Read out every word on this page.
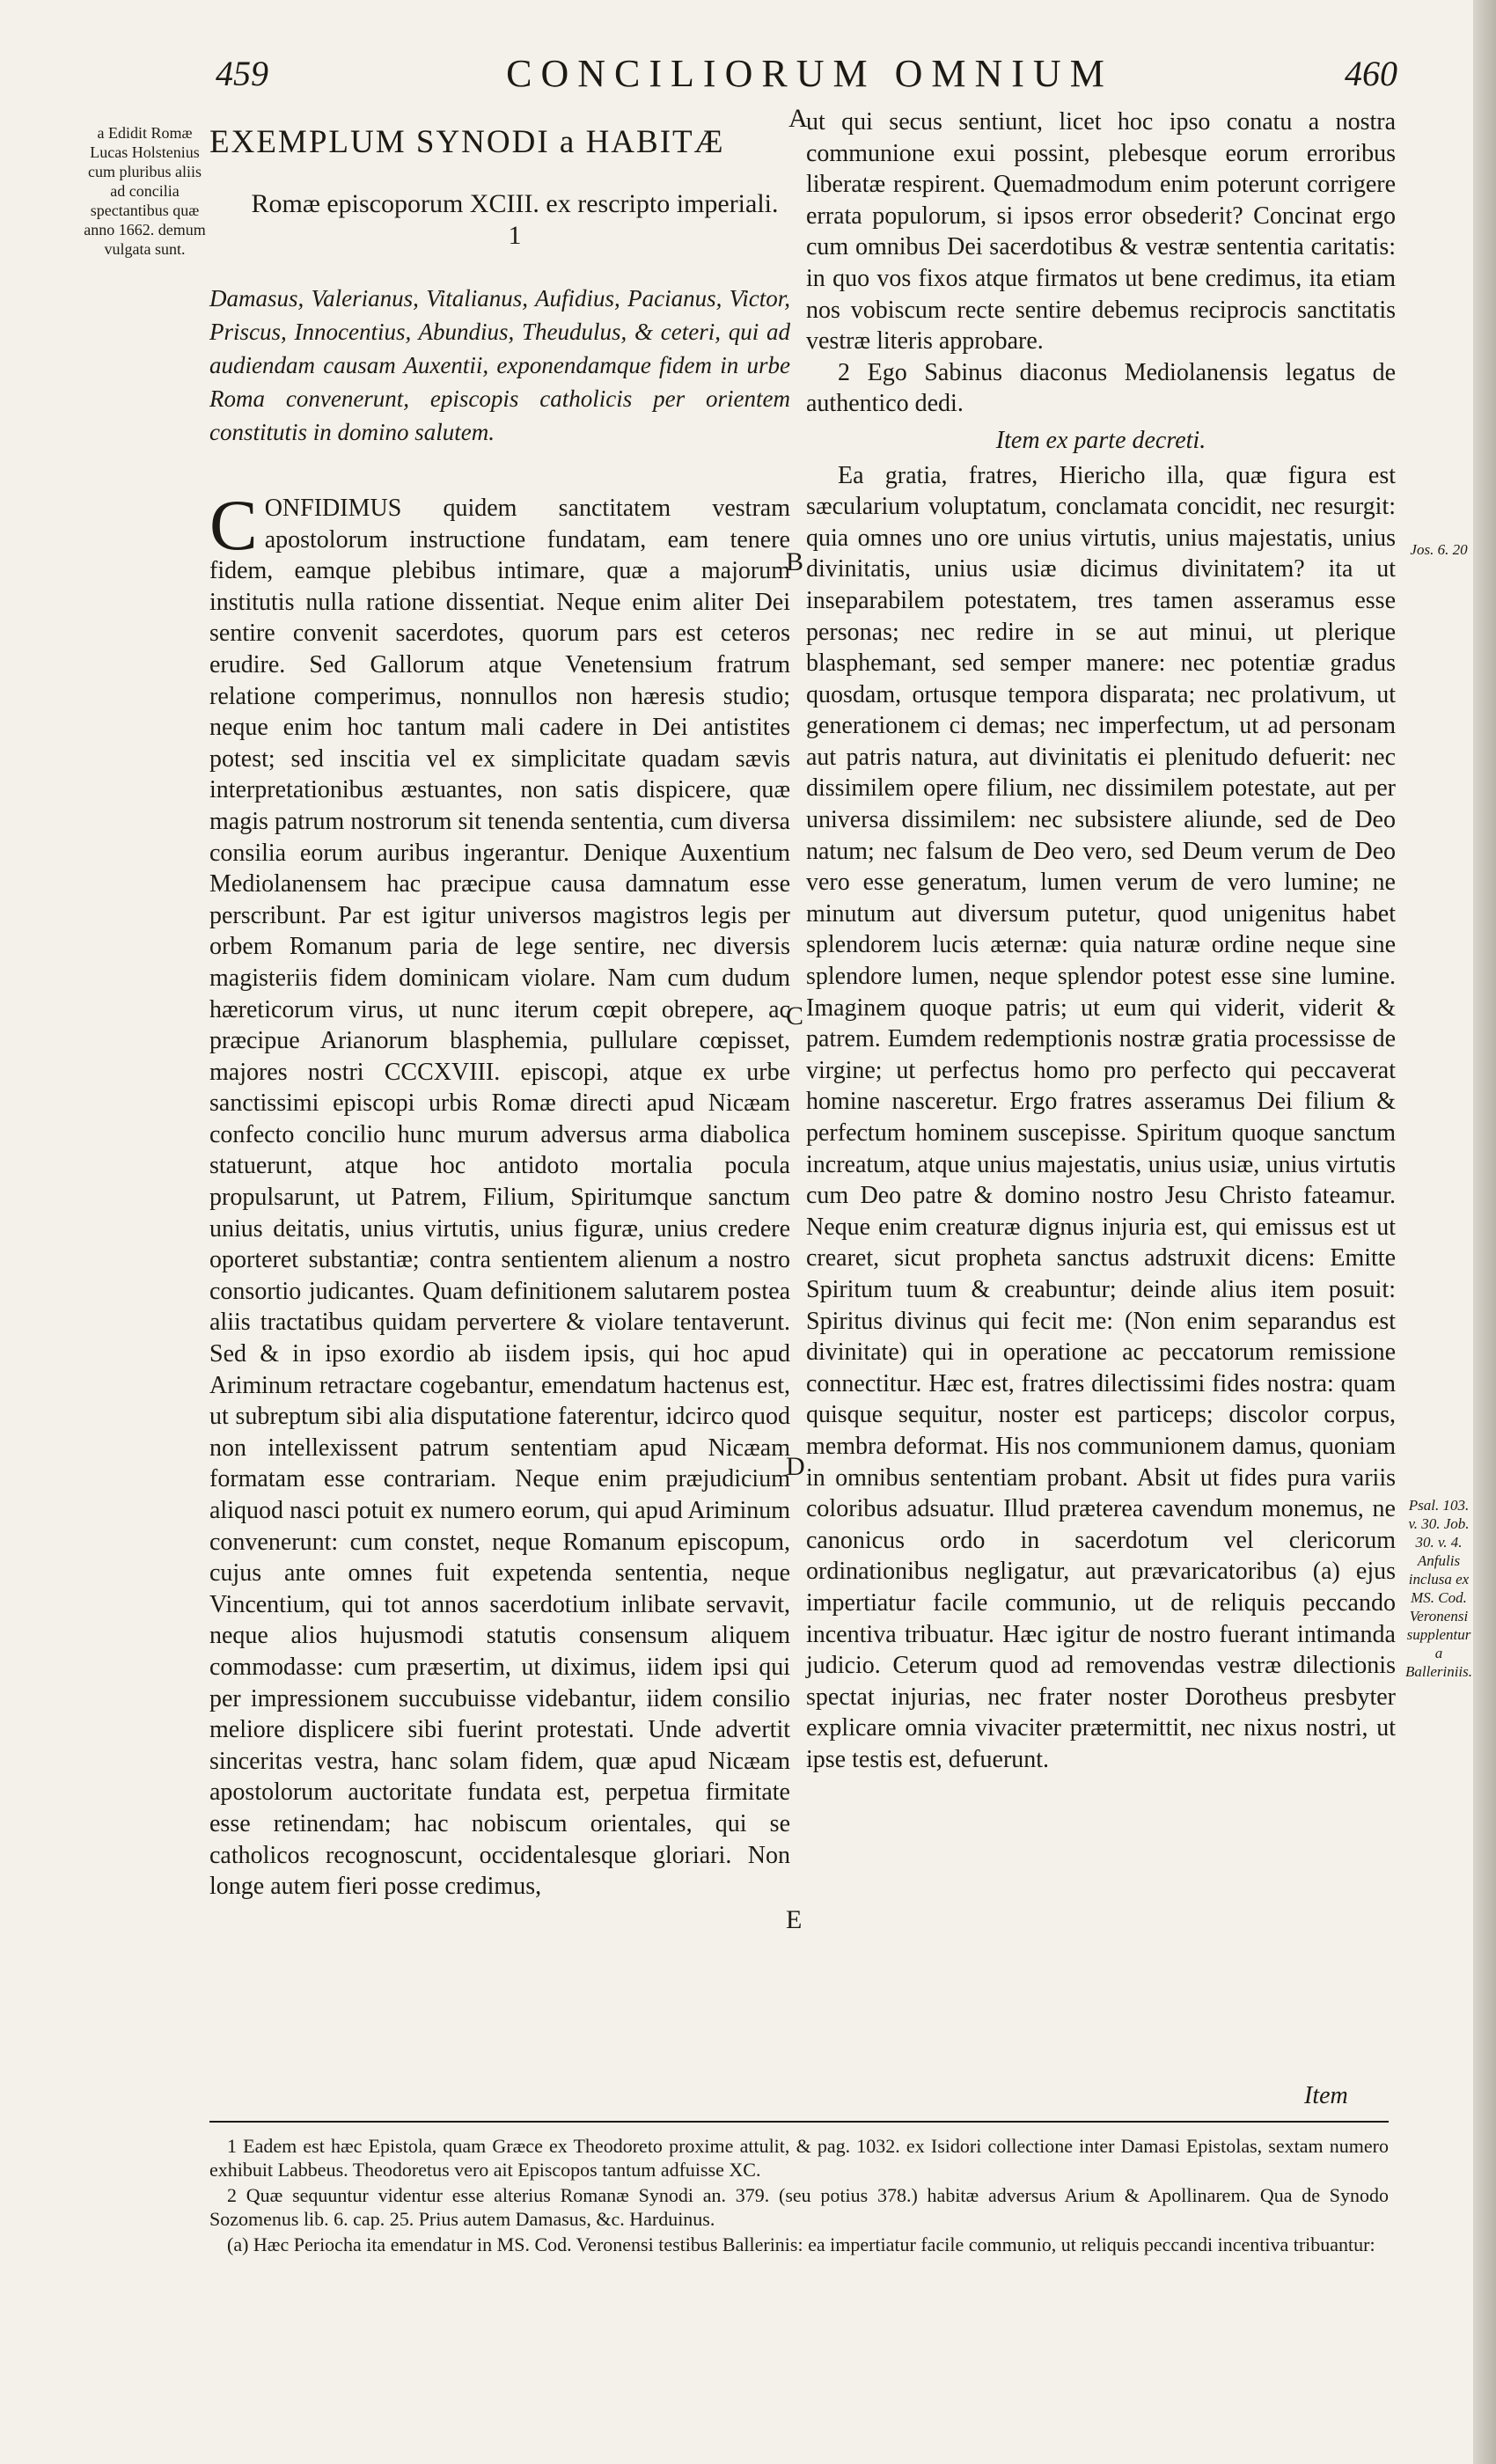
459	CONCILIORUM OMNIUM	460
a Edidit Romæ Lucas Holstenius cum pluribus aliis ad concilia spectantibus quæ anno 1662. demum vulgata sunt.
EXEMPLUM SYNODI a HABITÆ
Romæ episcoporum XCIII. ex rescripto imperiali. 1
Damasus, Valerianus, Vitalianus, Aufidius, Pacianus, Victor, Priscus, Innocentius, Abundius, Theudulus, & ceteri, qui ad audiendam causam Auxentii, exponendamque fidem in urbe Roma convenerunt, episcopis catholicis per orientem constitutis in domino salutem.

CONFIDIMUS quidem sanctitatem vestram apostolorum instructione fundatam, eam tenere fidem, eamque plebibus intimare, quæ a majorum institutis nulla ratione dissentiat. Neque enim aliter Dei sentire convenit sacerdotes, quorum pars est ceteros erudire. Sed Gallorum atque Venetensium fratrum relatione comperimus, nonnullos non hæresis studio; neque enim hoc tantum mali cadere in Dei antistites potest; sed inscitia vel ex simplicitate quadam sævis interpretationibus æstuantes, non satis dispicere, quæ magis patrum nostrorum sit tenenda sententia, cum diversa consilia eorum auribus ingerantur. Denique Auxentium Mediolanensem hac præcipue causa damnatum esse perscribunt. Par est igitur universos magistros legis per orbem Romanum paria de lege sentire, nec diversis magisteriis fidem dominicam violare. Nam cum dudum hæreticorum virus, ut nunc iterum cœpit obrepere, ac præcipue Arianorum blasphemia, pullulare cœpisset, majores nostri CCCXVIII. episcopi, atque ex urbe sanctissimi episcopi urbis Romæ directi apud Nicæam confecto concilio hunc murum adversus arma diabolica statuerunt, atque hoc antidoto mortalia pocula propulsarunt, ut Patrem, Filium, Spiritumque sanctum unius deitatis, unius virtutis, unius figuræ, unius credere oporteret substantiæ; contra sentientem alienum a nostro consortio judicantes. Quam definitionem salutarem postea aliis tractatibus quidam pervertere & violare tentaverunt. Sed & in ipso exordio ab iisdem ipsis, qui hoc apud Ariminum retractare cogebantur, emendatum hactenus est, ut subreptum sibi alia disputatione faterentur, idcirco quod non intellexissent patrum sententiam apud Nicæam formatam esse contrariam. Neque enim præjudicium aliquod nasci potuit ex numero eorum, qui apud Ariminum convenerunt: cum constet, neque Romanum episcopum, cujus ante omnes fuit expetenda sententia, neque Vincentium, qui tot annos sacerdotium inlibate servavit, neque alios hujusmodi statutis consensum aliquem commodasse: cum præsertim, ut diximus, iidem ipsi qui per impressionem succubuisse videbantur, iidem consilio meliore displicere sibi fuerint protestati. Unde advertit sinceritas vestra, hanc solam fidem, quæ apud Nicæam apostolorum auctoritate fundata est, perpetua firmitate esse retinendam; hac nobiscum orientales, qui se catholicos recognoscunt, occidentalesque gloriari. Non longe autem fieri posse credimus,

A
B
C
D
E

ut qui secus sentiunt, licet hoc ipso conatu a nostra communione exui possint, plebesque eorum erroribus liberatæ respirent. Quemadmodum enim poterunt corrigere errata populorum, si ipsos error obsederit? Concinat ergo cum omnibus Dei sacerdotibus & vestræ sententia caritatis: in quo vos fixos atque firmatos ut bene credimus, ita etiam nos vobiscum recte sentire debemus reciprocis sanctitatis vestræ literis approbare.

2 Ego Sabinus diaconus Mediolanensis legatus de authentico dedi.

Item ex parte decreti.

Ea gratia, fratres, Hiericho illa, quæ figura est sæcularium voluptatum, conclamata concidit, nec resurgit: quia omnes uno ore unius virtutis, unius majestatis, unius divinitatis, unius usiæ dicimus divinitatem? ita ut inseparabilem potestatem, tres tamen asseramus esse personas; nec redire in se aut minui, ut plerique blasphemant, sed semper manere: nec potentiæ gradus quosdam, ortusque tempora disparata; nec prolativum, ut generationem ci demas; nec imperfectum, ut ad personam aut patris natura, aut divinitatis ei plenitudo defuerit: nec dissimilem opere filium, nec dissimilem potestate, aut per universa dissimilem: nec subsistere aliunde, sed de Deo natum; nec falsum de Deo vero, sed Deum verum de Deo vero esse generatum, lumen verum de vero lumine; ne minutum aut diversum putetur, quod unigenitus habet splendorem lucis æternæ: quia naturæ ordine neque sine splendore lumen, neque splendor potest esse sine lumine. Imaginem quoque patris; ut eum qui viderit, viderit & patrem. Eumdem redemptionis nostræ gratia processisse de virgine; ut perfectus homo pro perfecto qui peccaverat homine nasceretur. Ergo fratres asseramus Dei filium & perfectum hominem suscepisse. Spiritum quoque sanctum increatum, atque unius majestatis, unius usiæ, unius virtutis cum Deo patre & domino nostro Jesu Christo fateamur. Neque enim creaturæ dignus injuria est, qui emissus est ut crearet, sicut propheta sanctus adstruxit dicens: Emitte Spiritum tuum & creabuntur; deinde alius item posuit: Spiritus divinus qui fecit me: (Non enim separandus est divinitate) qui in operatione ac peccatorum remissione connectitur. Hæc est, fratres dilectissimi fides nostra: quam quisque sequitur, noster est particeps; discolor corpus, membra deformat. His nos communionem damus, quoniam in omnibus sententiam probant. Absit ut fides pura variis coloribus adsuatur. Illud præterea cavendum monemus, ne canonicus ordo in sacerdotum vel clericorum ordinationibus negligatur, aut prævaricatoribus (a) ejus impertiatur facile communio, ut de reliquis peccando incentiva tribuatur. Hæc igitur de nostro fuerant intimanda judicio. Ceterum quod ad removendas vestræ dilectionis spectat injurias, nec frater noster Dorotheus presbyter explicare omnia vivaciter prætermittit, nec nixus nostri, ut ipse testis est, defuerunt.

Jos. 6. 20
Psal. 103. v. 30. Job. 30. v. 4. Anfulis inclusa ex MS. Cod. Veronensi supplentur a Balleriniis.
Item

1 Eadem est hæc Epistola, quam Græce ex Theodoreto proxime attulit, & pag. 1032. ex Isidori collectione inter Damasi Epistolas, sextam numero exhibuit Labbeus. Theodoretus vero ait Episcopos tantum adfuisse XC.

2 Quæ sequuntur videntur esse alterius Romanæ Synodi an. 379. (seu potius 378.) habitæ adversus Arium & Apollinarem. Qua de Synodo Sozomenus lib. 6. cap. 25. Prius autem Damasus, &c. Harduinus.

(a) Hæc Periocha ita emendatur in MS. Cod. Veronensi testibus Ballerinis: ea impertiatur facile communio, ut reliquis peccandi incentiva tribuantur:
